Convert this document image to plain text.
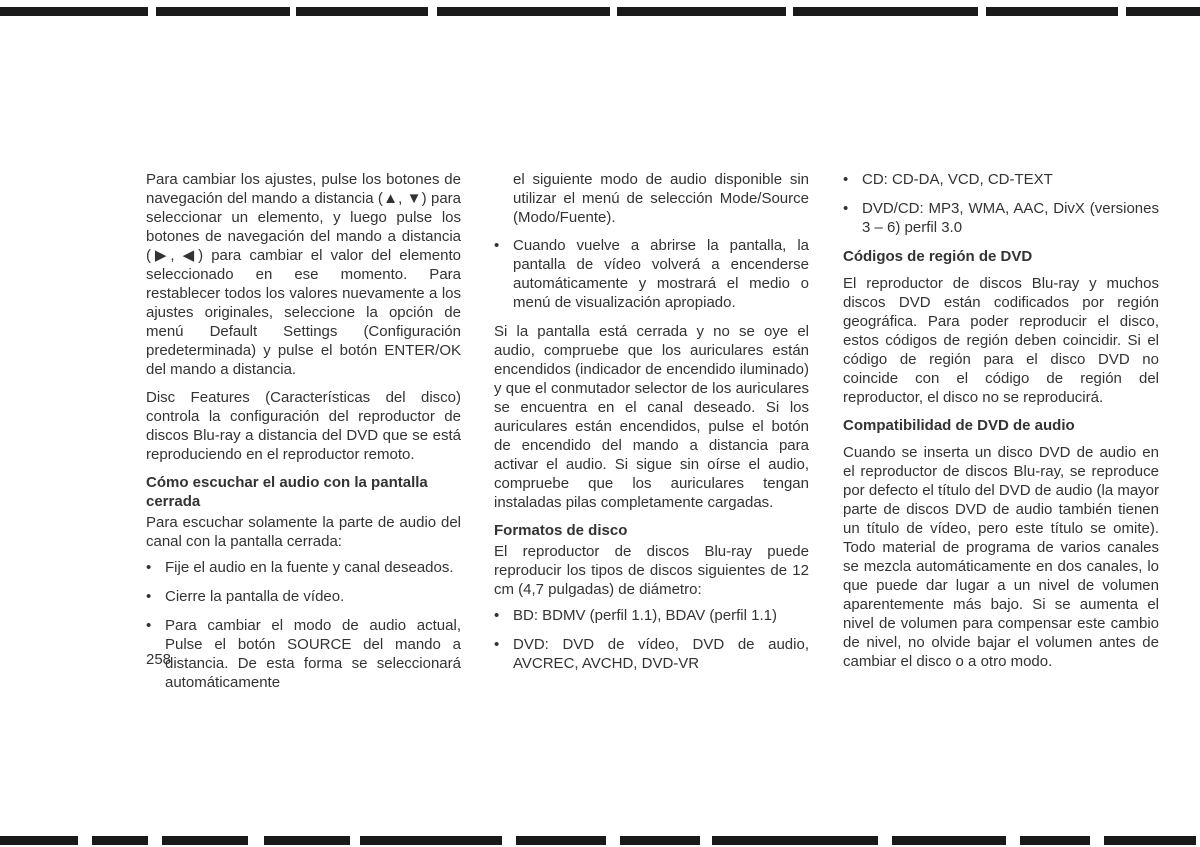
Para cambiar los ajustes, pulse los botones de navegación del mando a distancia (▲, ▼) para seleccionar un elemento, y luego pulse los botones de navegación del mando a distancia (▶, ◀) para cambiar el valor del elemento seleccionado en ese momento. Para restablecer todos los valores nuevamente a los ajustes originales, seleccione la opción de menú Default Settings (Configuración predeterminada) y pulse el botón ENTER/OK del mando a distancia.
Disc Features (Características del disco) controla la configuración del reproductor de discos Blu-ray a distancia del DVD que se está reproduciendo en el reproductor remoto.
Cómo escuchar el audio con la pantalla cerrada
Para escuchar solamente la parte de audio del canal con la pantalla cerrada:
• Fije el audio en la fuente y canal deseados.
• Cierre la pantalla de vídeo.
• Para cambiar el modo de audio actual, Pulse el botón SOURCE del mando a distancia. De esta forma se seleccionará automáticamente
el siguiente modo de audio disponible sin utilizar el menú de selección Mode/Source (Modo/Fuente).
• Cuando vuelve a abrirse la pantalla, la pantalla de vídeo volverá a encenderse automáticamente y mostrará el medio o menú de visualización apropiado.
Si la pantalla está cerrada y no se oye el audio, compruebe que los auriculares están encendidos (indicador de encendido iluminado) y que el conmutador selector de los auriculares se encuentra en el canal deseado. Si los auriculares están encendidos, pulse el botón de encendido del mando a distancia para activar el audio. Si sigue sin oírse el audio, compruebe que los auriculares tengan instaladas pilas completamente cargadas.
Formatos de disco
El reproductor de discos Blu-ray puede reproducir los tipos de discos siguientes de 12 cm (4,7 pulgadas) de diámetro:
• BD: BDMV (perfil 1.1), BDAV (perfil 1.1)
• DVD: DVD de vídeo, DVD de audio, AVCREC, AVCHD, DVD-VR
• CD: CD-DA, VCD, CD-TEXT
• DVD/CD: MP3, WMA, AAC, DivX (versiones 3 – 6) perfil 3.0
Códigos de región de DVD
El reproductor de discos Blu-ray y muchos discos DVD están codificados por región geográfica. Para poder reproducir el disco, estos códigos de región deben coincidir. Si el código de región para el disco DVD no coincide con el código de región del reproductor, el disco no se reproducirá.
Compatibilidad de DVD de audio
Cuando se inserta un disco DVD de audio en el reproductor de discos Blu-ray, se reproduce por defecto el título del DVD de audio (la mayor parte de discos DVD de audio también tienen un título de vídeo, pero este título se omite). Todo material de programa de varios canales se mezcla automáticamente en dos canales, lo que puede dar lugar a un nivel de volumen aparentemente más bajo. Si se aumenta el nivel de volumen para compensar este cambio de nivel, no olvide bajar el volumen antes de cambiar el disco o a otro modo.
258
